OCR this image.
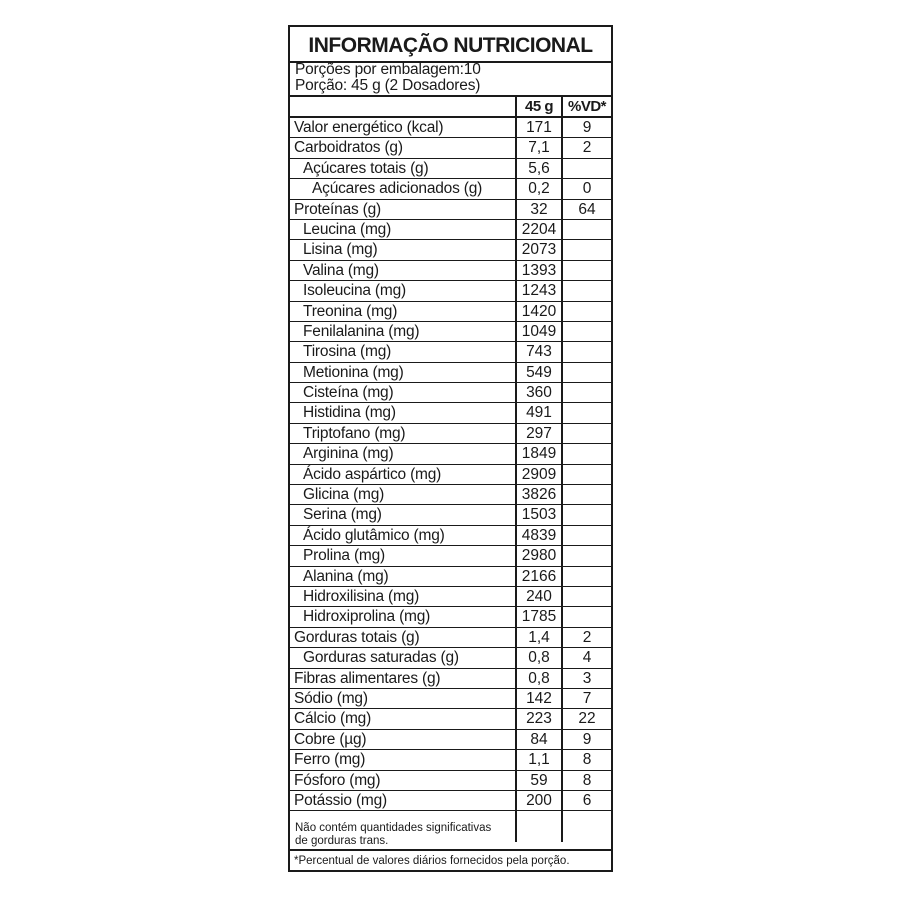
INFORMAÇÃO NUTRICIONAL
Porções por embalagem:10
Porção: 45 g (2 Dosadores)
45 g %VD*
Valor energético (kcal)	171	9
Carboidratos (g)	7,1	2
Açúcares totais (g)	5,6
Açúcares adicionados (g)	0,2	0
Proteínas (g)	32	64
Leucina (mg)	2204
Lisina (mg)	2073
Valina (mg)	1393
Isoleucina (mg)	1243
Treonina (mg)	1420
Fenilalanina (mg)	1049
Tirosina (mg)	743
Metionina (mg)	549
Cisteína (mg)	360
Histidina (mg)	491
Triptofano (mg)	297
Arginina (mg)	1849
Ácido aspártico (mg)	2909
Glicina (mg)	3826
Serina (mg)	1503
Ácido glutâmico (mg)	4839
Prolina (mg)	2980
Alanina (mg)	2166
Hidroxilisina (mg)	240
Hidroxiprolina (mg)	1785
Gorduras totais (g)	1,4	2
Gorduras saturadas (g)	0,8	4
Fibras alimentares (g)	0,8	3
Sódio (mg)	142	7
Cálcio (mg)	223	22
Cobre (µg)	84	9
Ferro (mg)	1,1	8
Fósforo (mg)	59	8
Potássio (mg)	200	6
Não contém quantidades significativas de gorduras trans.
*Percentual de valores diários fornecidos pela porção.
